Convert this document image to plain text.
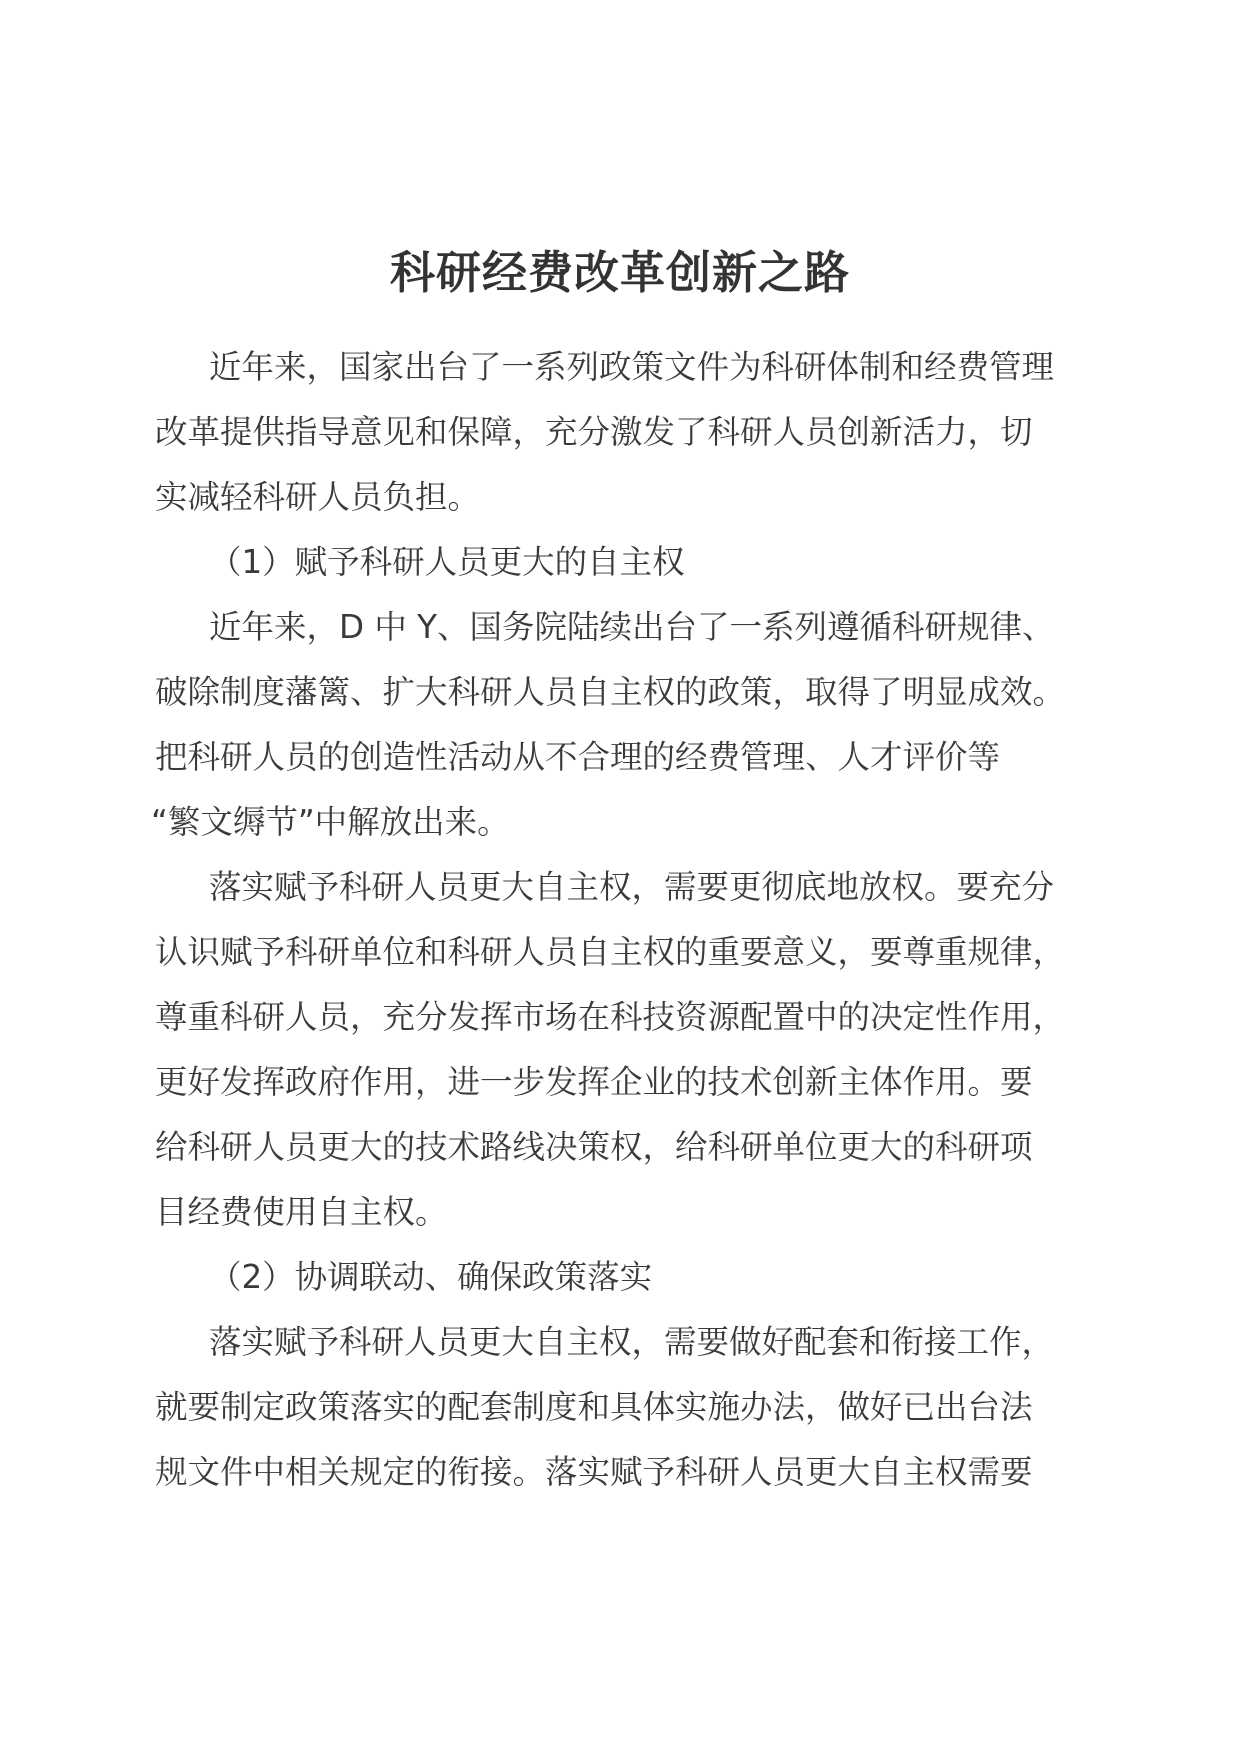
科研经费改革创新之路
近年来，国家出台了一系列政策文件为科研体制和经费管理
改革提供指导意见和保障，充分激发了科研人员创新活力，切
实减轻科研人员负担。
（1）赋予科研人员更大的自主权
近年来，D 中 Y、国务院陆续出台了一系列遵循科研规律、
破除制度藩篱、扩大科研人员自主权的政策，取得了明显成效。
把科研人员的创造性活动从不合理的经费管理、人才评价等
“繁文缛节”中解放出来。
落实赋予科研人员更大自主权，需要更彻底地放权。要充分
认识赋予科研单位和科研人员自主权的重要意义，要尊重规律，
尊重科研人员，充分发挥市场在科技资源配置中的决定性作用，
更好发挥政府作用，进一步发挥企业的技术创新主体作用。要
给科研人员更大的技术路线决策权，给科研单位更大的科研项
目经费使用自主权。
（2）协调联动、确保政策落实
落实赋予科研人员更大自主权，需要做好配套和衔接工作，
就要制定政策落实的配套制度和具体实施办法，做好已出台法
规文件中相关规定的衔接。落实赋予科研人员更大自主权需要
